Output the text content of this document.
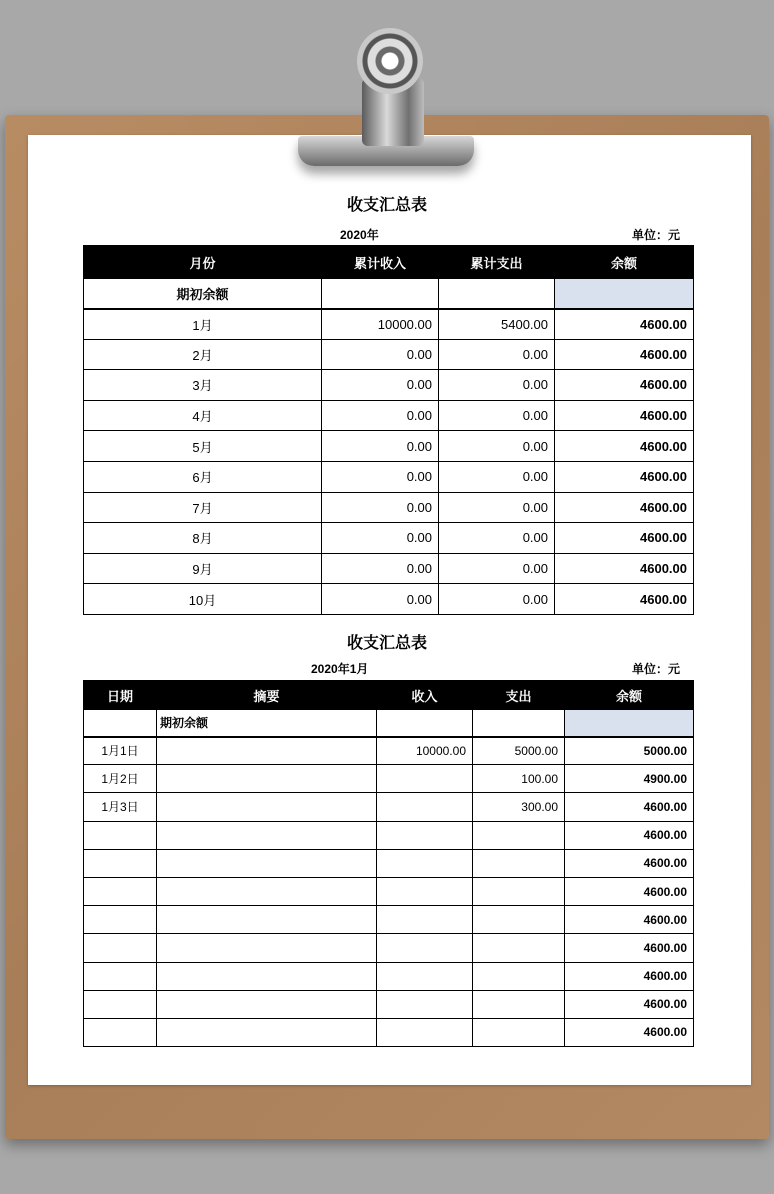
收支汇总表
2020年	单位：元
月份	累计收入	累计支出	余额
期初余额			
1月	10000.00	5400.00	4600.00
2月	0.00	0.00	4600.00
3月	0.00	0.00	4600.00
4月	0.00	0.00	4600.00
5月	0.00	0.00	4600.00
6月	0.00	0.00	4600.00
7月	0.00	0.00	4600.00
8月	0.00	0.00	4600.00
9月	0.00	0.00	4600.00
10月	0.00	0.00	4600.00
收支汇总表
2020年1月	单位：元
日期	摘要	收入	支出	余额
	期初余额			
1月1日		10000.00	5000.00	5000.00
1月2日			100.00	4900.00
1月3日			300.00	4600.00
				4600.00
				4600.00
				4600.00
				4600.00
				4600.00
				4600.00
				4600.00
				4600.00
